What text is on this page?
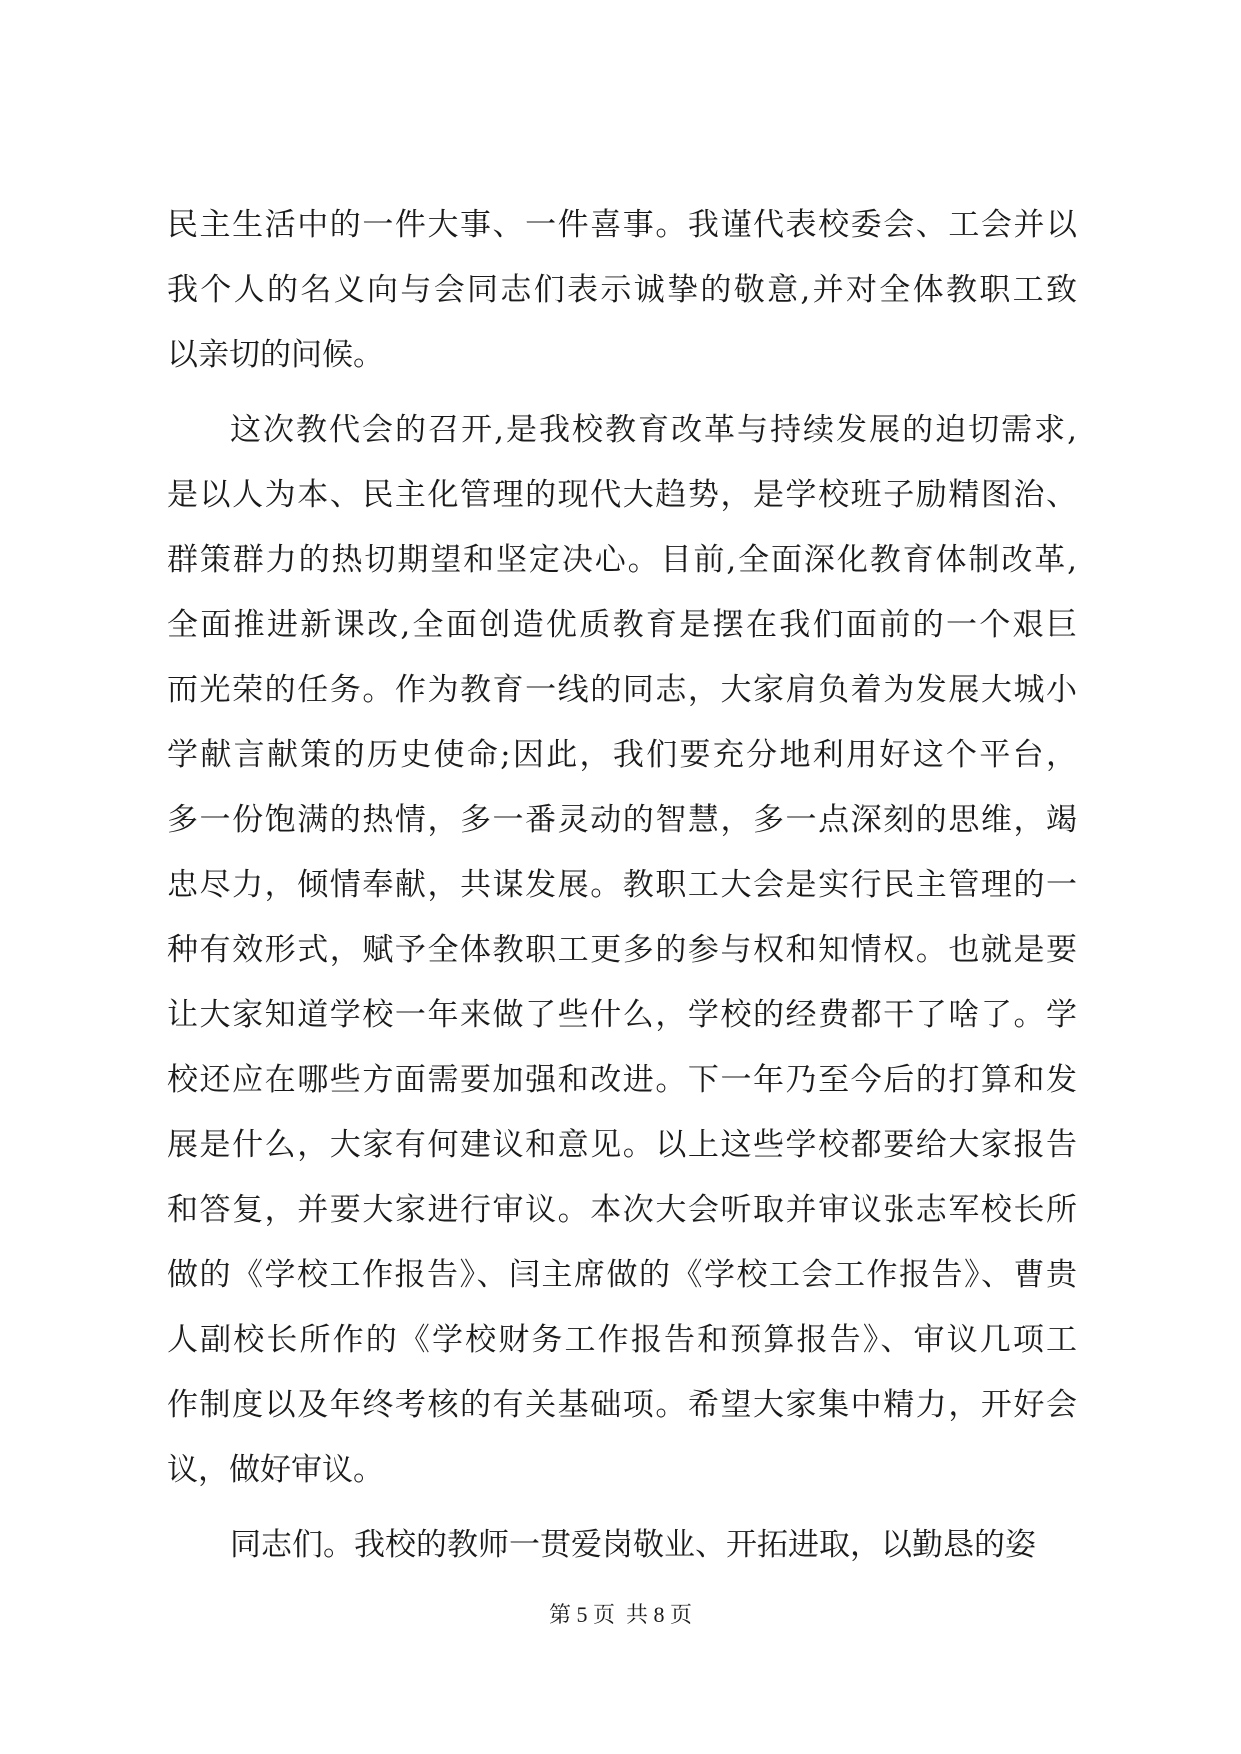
民主生活中的一件大事、一件喜事。我谨代表校委会、工会并以
我个人的名义向与会同志们表示诚挚的敬意,并对全体教职工致
以亲切的问候。
这次教代会的召开,是我校教育改革与持续发展的迫切需求,
是以人为本、民主化管理的现代大趋势，是学校班子励精图治、
群策群力的热切期望和坚定决心。目前,全面深化教育体制改革,
全面推进新课改,全面创造优质教育是摆在我们面前的一个艰巨
而光荣的任务。作为教育一线的同志，大家肩负着为发展大城小
学献言献策的历史使命;因此，我们要充分地利用好这个平台，
多一份饱满的热情，多一番灵动的智慧，多一点深刻的思维，竭
忠尽力，倾情奉献，共谋发展。教职工大会是实行民主管理的一
种有效形式，赋予全体教职工更多的参与权和知情权。也就是要
让大家知道学校一年来做了些什么，学校的经费都干了啥了。学
校还应在哪些方面需要加强和改进。下一年乃至今后的打算和发
展是什么，大家有何建议和意见。以上这些学校都要给大家报告
和答复，并要大家进行审议。本次大会听取并审议张志军校长所
做的《学校工作报告》、闫主席做的《学校工会工作报告》、曹贵
人副校长所作的《学校财务工作报告和预算报告》、审议几项工
作制度以及年终考核的有关基础项。希望大家集中精力，开好会
议，做好审议。
同志们。我校的教师一贯爱岗敬业、开拓进取，以勤恳的姿
第 5 页  共 8 页
